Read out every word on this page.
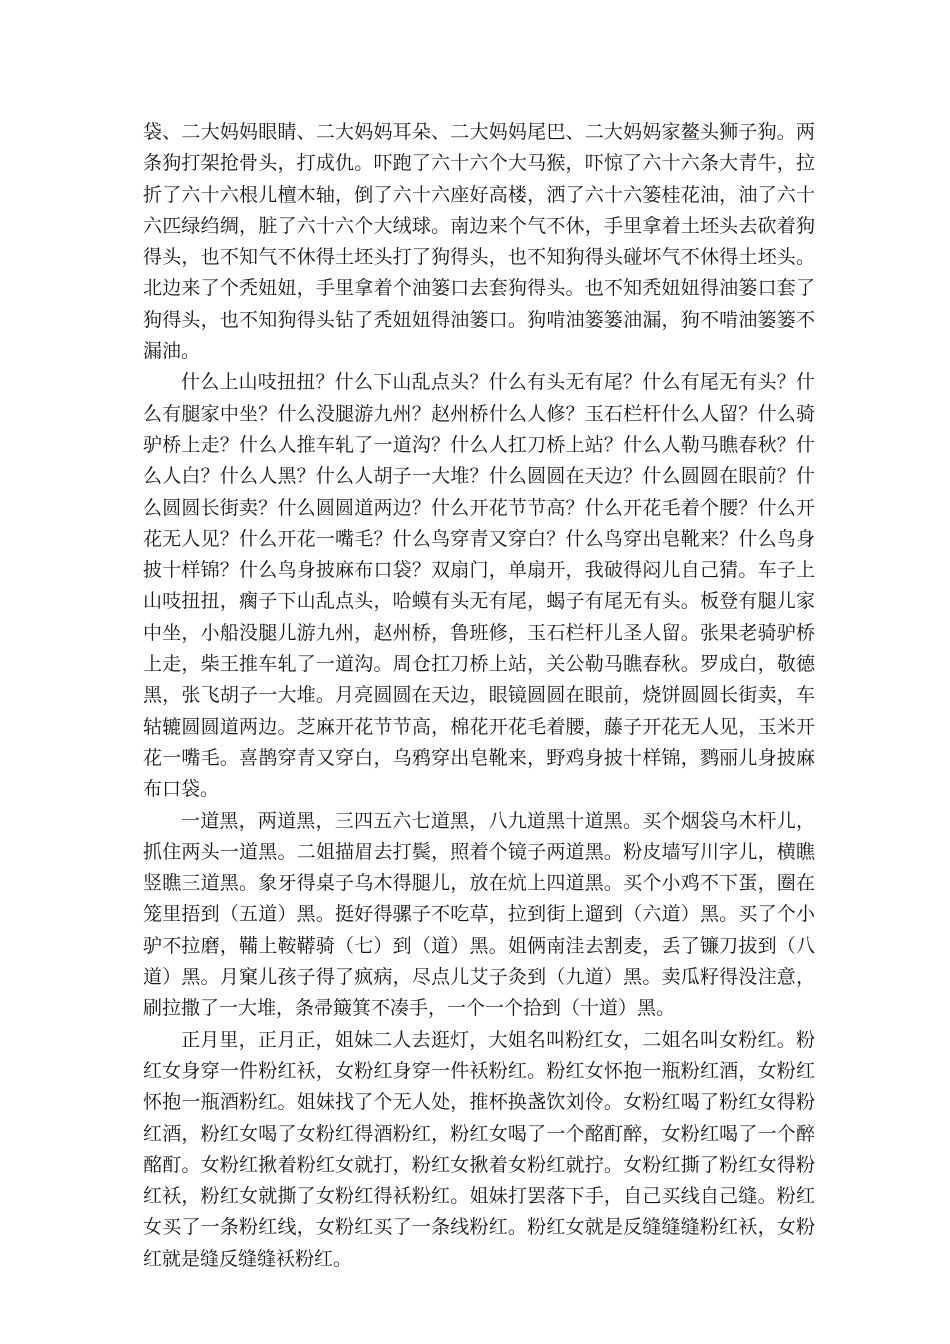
袋、二大妈妈眼睛、二大妈妈耳朵、二大妈妈尾巴、二大妈妈家鳌头狮子狗。两条狗打架抢骨头，打成仇。吓跑了六十六个大马猴，吓惊了六十六条大青牛，拉折了六十六根儿檀木轴，倒了六十六座好高楼，洒了六十六篓桂花油，油了六十六匹绿绉绸，脏了六十六个大绒球。南边来个气不休，手里拿着土坯头去砍着狗得头，也不知气不休得土坯头打了狗得头，也不知狗得头碰坏气不休得土坯头。北边来了个秃妞妞，手里拿着个油篓口去套狗得头。也不知秃妞妞得油篓口套了狗得头，也不知狗得头钻了秃妞妞得油篓口。狗啃油篓篓油漏，狗不啃油篓篓不漏油。

什么上山吱扭扭？什么下山乱点头？什么有头无有尾？什么有尾无有头？什么有腿家中坐？什么没腿游九州？赵州桥什么人修？玉石栏杆什么人留？什么骑驴桥上走？什么人推车轧了一道沟？什么人扛刀桥上站？什么人勒马瞧春秋？什么人白？什么人黑？什么人胡子一大堆？什么圆圆在天边？什么圆圆在眼前？什么圆圆长街卖？什么圆圆道两边？什么开花节节高？什么开花毛着个腰？什么开花无人见？什么开花一嘴毛？什么鸟穿青又穿白？什么鸟穿出皂靴来？什么鸟身披十样锦？什么鸟身披麻布口袋？双扇门，单扇开，我破得闷儿自己猜。车子上山吱扭扭，瘸子下山乱点头，哈蟆有头无有尾，蝎子有尾无有头。板登有腿儿家中坐，小船没腿儿游九州，赵州桥，鲁班修，玉石栏杆儿圣人留。张果老骑驴桥上走，柴王推车轧了一道沟。周仓扛刀桥上站，关公勒马瞧春秋。罗成白，敬德黑，张飞胡子一大堆。月亮圆圆在天边，眼镜圆圆在眼前，烧饼圆圆长街卖，车轱辘圆圆道两边。芝麻开花节节高，棉花开花毛着腰，藤子开花无人见，玉米开花一嘴毛。喜鹊穿青又穿白，乌鸦穿出皂靴来，野鸡身披十样锦，鹨丽儿身披麻布口袋。

一道黑，两道黑，三四五六七道黑，八九道黑十道黑。买个烟袋乌木杆儿，抓住两头一道黑。二姐描眉去打鬓，照着个镜子两道黑。粉皮墙写川字儿，横瞧竖瞧三道黑。象牙得桌子乌木得腿儿，放在炕上四道黑。买个小鸡不下蛋，圈在笼里捂到（五道）黑。挺好得骡子不吃草，拉到街上遛到（六道）黑。买了个小驴不拉磨，鞴上鞍鞯骑（七）到（道）黑。姐俩南洼去割麦，丢了镰刀拔到（八道）黑。月窠儿孩子得了疯病，尽点儿艾子灸到（九道）黑。卖瓜籽得没注意，刷拉撒了一大堆，条帚簸箕不凑手，一个一个拾到（十道）黑。

正月里，正月正，姐妹二人去逛灯，大姐名叫粉红女，二姐名叫女粉红。粉红女身穿一件粉红袄，女粉红身穿一件袄粉红。粉红女怀抱一瓶粉红酒，女粉红怀抱一瓶酒粉红。姐妹找了个无人处，推杯换盏饮刘伶。女粉红喝了粉红女得粉红酒，粉红女喝了女粉红得酒粉红，粉红女喝了一个酩酊醉，女粉红喝了一个醉酩酊。女粉红揪着粉红女就打，粉红女揪着女粉红就拧。女粉红撕了粉红女得粉红袄，粉红女就撕了女粉红得袄粉红。姐妹打罢落下手，自己买线自己缝。粉红女买了一条粉红线，女粉红买了一条线粉红。粉红女就是反缝缝缝粉红袄，女粉红就是缝反缝缝袄粉红。
